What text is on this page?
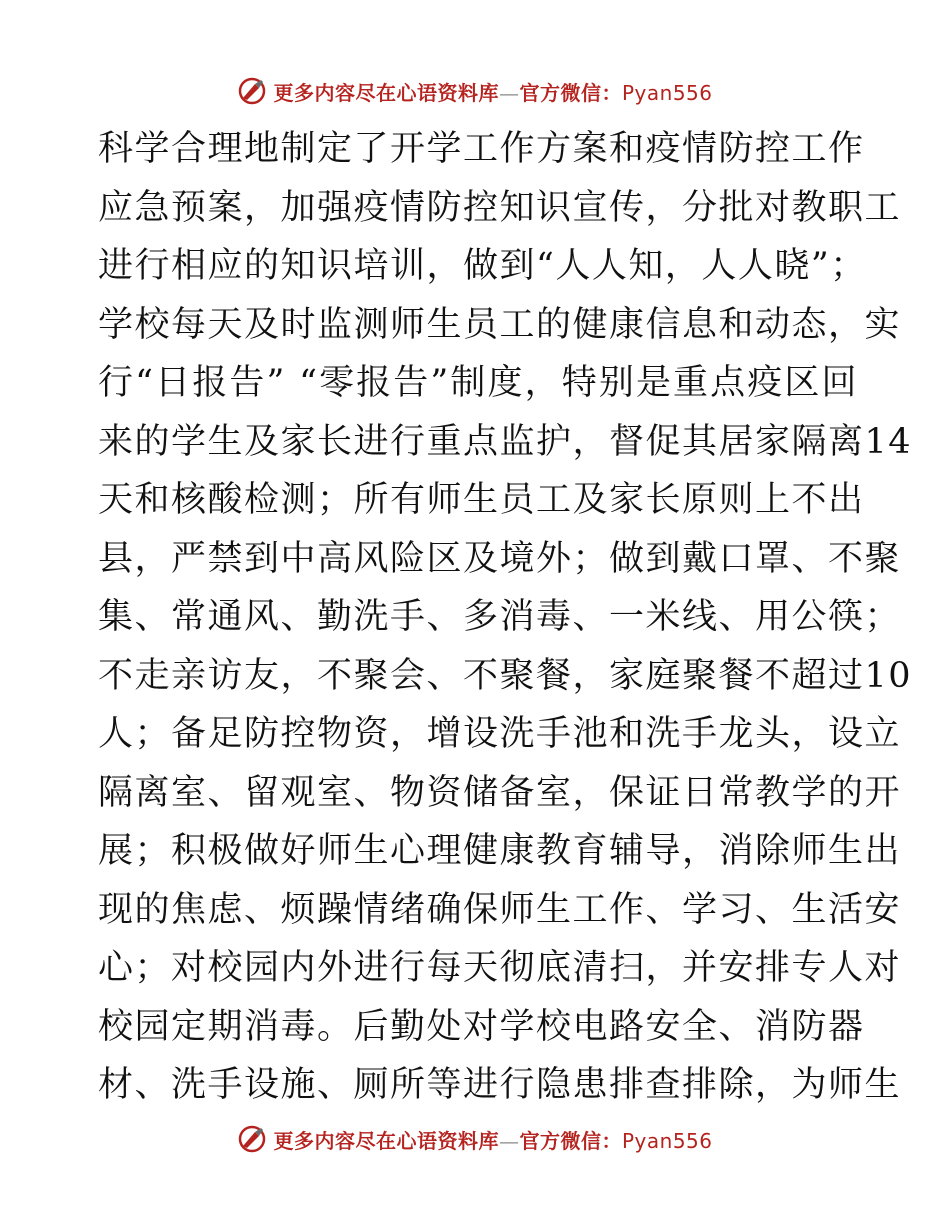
更多内容尽在心语资料库—官方微信：Pyan556
科学合理地制定了开学工作方案和疫情防控工作
应急预案，加强疫情防控知识宣传，分批对教职工
进行相应的知识培训，做到“人人知，人人晓”；
学校每天及时监测师生员工的健康信息和动态，实
行“日报告” “零报告”制度，特别是重点疫区回
来的学生及家长进行重点监护，督促其居家隔离14
天和核酸检测；所有师生员工及家长原则上不出
县，严禁到中高风险区及境外；做到戴口罩、不聚
集、常通风、勤洗手、多消毒、一米线、用公筷；
不走亲访友，不聚会、不聚餐，家庭聚餐不超过10
人；备足防控物资，增设洗手池和洗手龙头，设立
隔离室、留观室、物资储备室，保证日常教学的开
展；积极做好师生心理健康教育辅导，消除师生出
现的焦虑、烦躁情绪确保师生工作、学习、生活安
心；对校园内外进行每天彻底清扫，并安排专人对
校园定期消毒。后勤处对学校电路安全、消防器
材、洗手设施、厕所等进行隐患排查排除，为师生
更多内容尽在心语资料库—官方微信：Pyan556
